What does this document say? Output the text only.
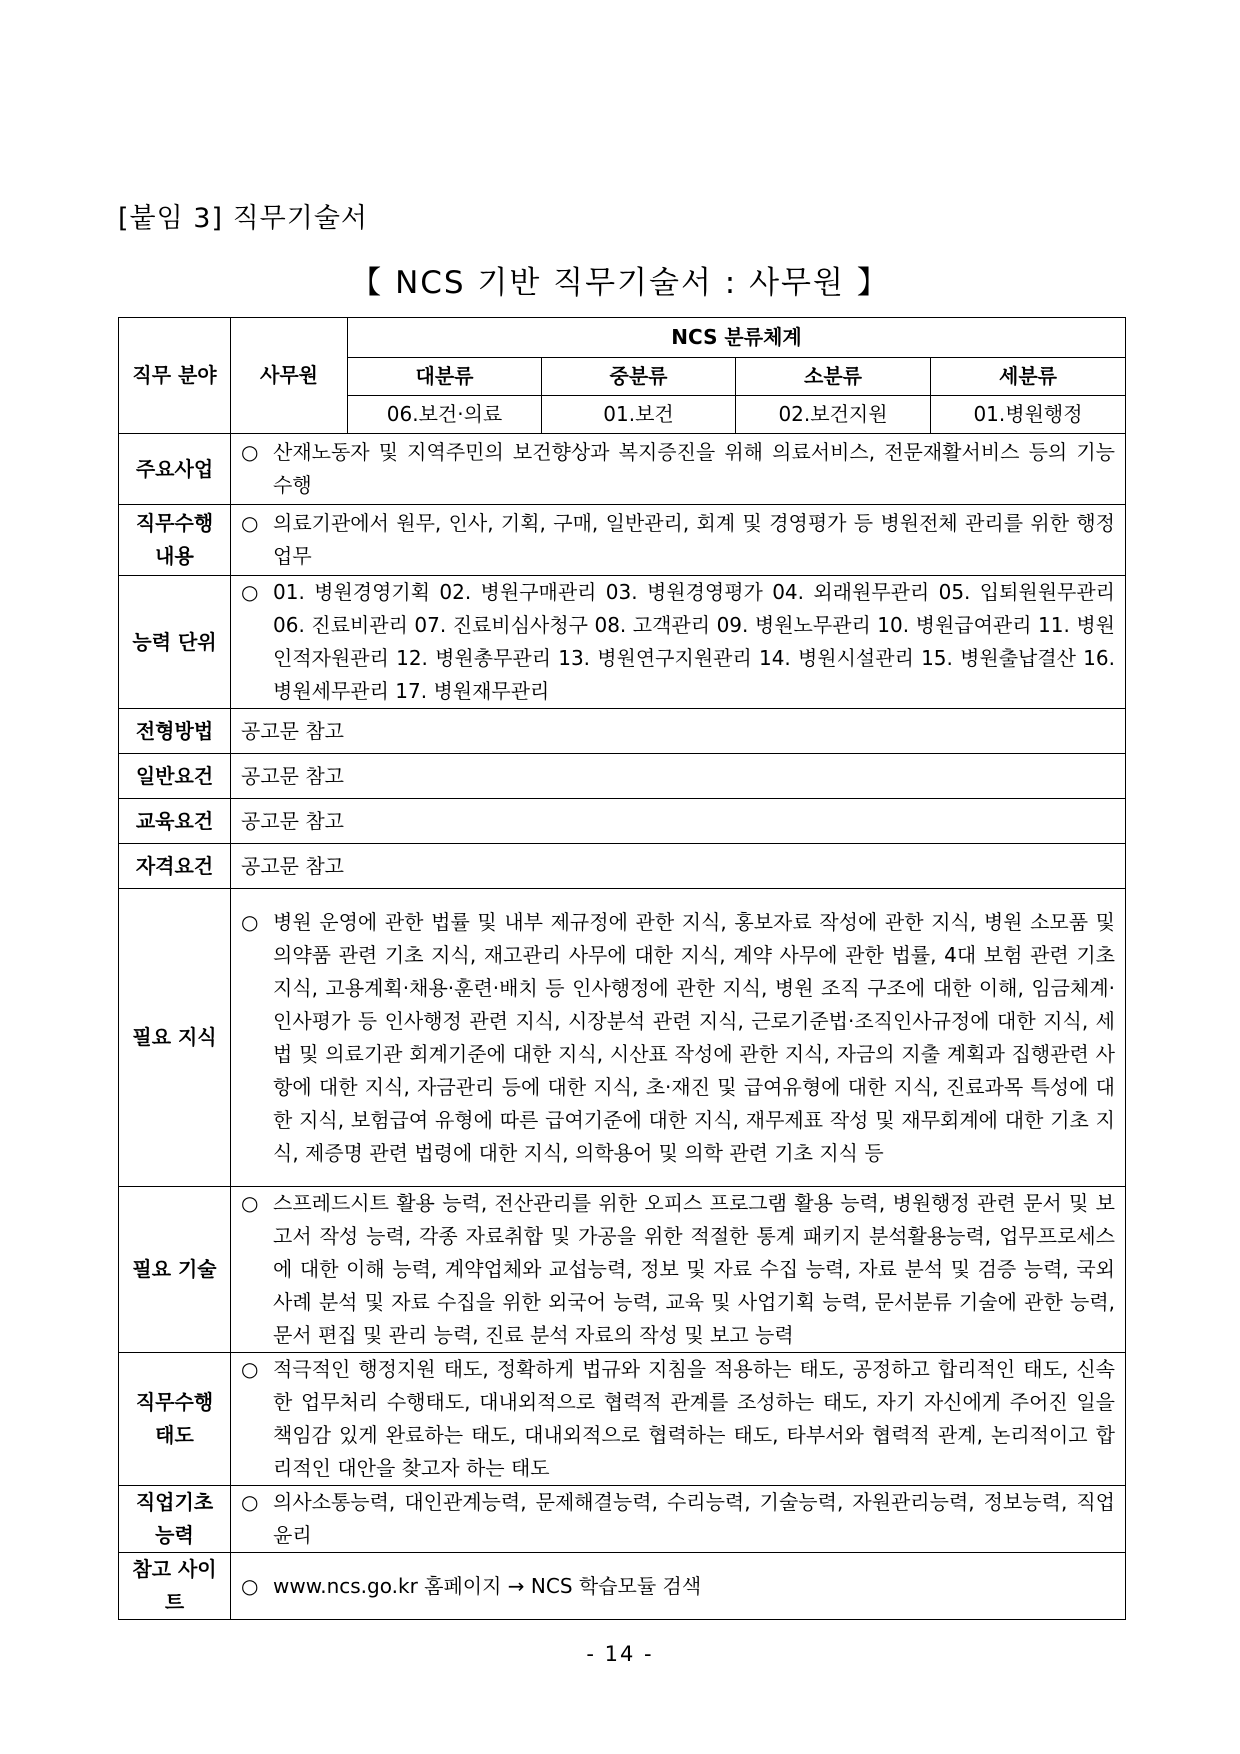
[붙임 3] 직무기술서
【 NCS 기반 직무기술서 : 사무원 】
직무 분야	사무원	NCS 분류체계			
		대분류	중분류	소분류	세분류
		06.보건·의료	01.보건	02.보건지원	01.병원행정
주요사업	○ 산재노동자 및 지역주민의 보건향상과 복지증진을 위해 의료서비스, 전문재활서비스 등의 기능 수행				

직무수행 내용	○ 의료기관에서 원무, 인사, 기획, 구매, 일반관리, 회계 및 경영평가 등 병원전체 관리를 위한 행정업무				

능력 단위	○ 01. 병원경영기획 02. 병원구매관리 03. 병원경영평가 04. 외래원무관리 05. 입퇴원원무관리 06. 진료비관리 07. 진료비심사청구 08. 고객관리 09. 병원노무관리 10. 병원급여관리 11. 병원인적자원관리 12. 병원총무관리 13. 병원연구지원관리 14. 병원시설관리 15. 병원출납결산 16. 병원세무관리 17. 병원재무관리				

전형방법	공고문 참고				
일반요건	공고문 참고				
교육요건	공고문 참고				
자격요건	공고문 참고				
필요 지식	○ 병원 운영에 관한 법률 및 내부 제규정에 관한 지식, 홍보자료 작성에 관한 지식, 병원 소모품 및 의약품 관련 기초 지식, 재고관리 사무에 대한 지식, 계약 사무에 관한 법률, 4대 보험 관련 기초 지식, 고용계획·채용·훈련·배치 등 인사행정에 관한 지식, 병원 조직 구조에 대한 이해, 임금체계·인사평가 등 인사행정 관련 지식, 시장분석 관련 지식, 근로기준법·조직인사규정에 대한 지식, 세법 및 의료기관 회계기준에 대한 지식, 시산표 작성에 관한 지식, 자금의 지출 계획과 집행관련 사항에 대한 지식, 자금관리 등에 대한 지식, 초·재진 및 급여유형에 대한 지식, 진료과목 특성에 대한 지식, 보험급여 유형에 따른 급여기준에 대한 지식, 재무제표 작성 및 재무회계에 대한 기초 지식, 제증명 관련 법령에 대한 지식, 의학용어 및 의학 관련 기초 지식 등				

필요 기술	○ 스프레드시트 활용 능력, 전산관리를 위한 오피스 프로그램 활용 능력, 병원행정 관련 문서 및 보고서 작성 능력, 각종 자료취합 및 가공을 위한 적절한 통계 패키지 분석활용능력, 업무프로세스에 대한 이해 능력, 계약업체와 교섭능력, 정보 및 자료 수집 능력, 자료 분석 및 검증 능력, 국외 사례 분석 및 자료 수집을 위한 외국어 능력, 교육 및 사업기획 능력, 문서분류 기술에 관한 능력, 문서 편집 및 관리 능력, 진료 분석 자료의 작성 및 보고 능력				

직무수행 태도	○ 적극적인 행정지원 태도, 정확하게 법규와 지침을 적용하는 태도, 공정하고 합리적인 태도, 신속한 업무처리 수행태도, 대내외적으로 협력적 관계를 조성하는 태도, 자기 자신에게 주어진 일을 책임감 있게 완료하는 태도, 대내외적으로 협력하는 태도, 타부서와 협력적 관계, 논리적이고 합리적인 대안을 찾고자 하는 태도				

직업기초 능력	○ 의사소통능력, 대인관계능력, 문제해결능력, 수리능력, 기술능력, 자원관리능력, 정보능력, 직업윤리				

참고 사이트	○ www.ncs.go.kr 홈페이지 → NCS 학습모듈 검색				
- 14 -
